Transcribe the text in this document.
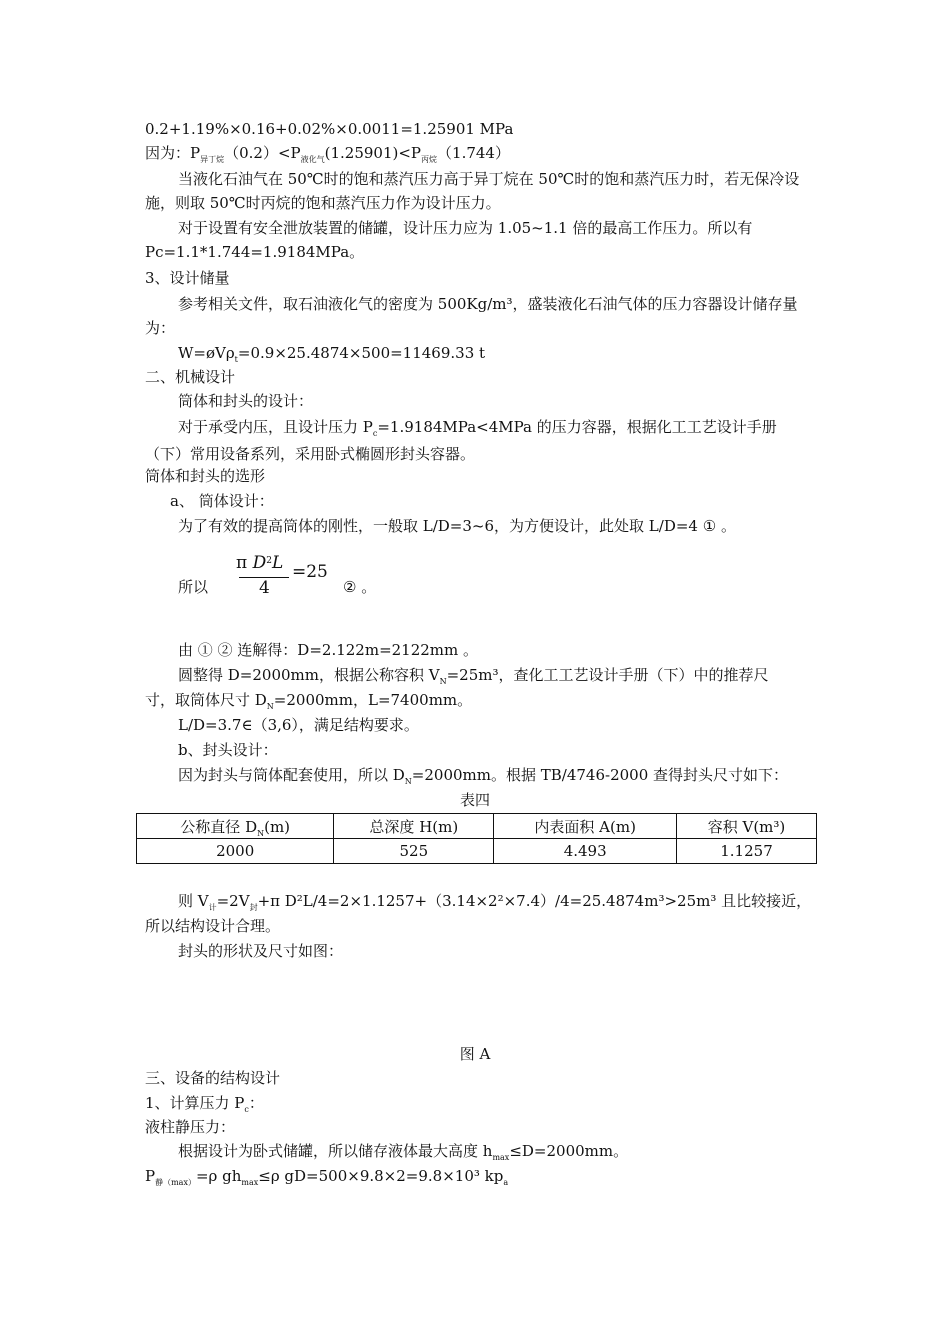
0.2+1.19%×0.16+0.02%×0.0011=1.25901 MPa
因为：$P_{异丁烷}(0.2)<P_{液化气}(1.25901)<P_{丙烷}(1.744)$
当液化石油气在 50℃时的饱和蒸汽压力高于异丁烷在 50℃时的饱和蒸汽压力时，若无保冷设施，则取 50℃时丙烷的饱和蒸汽压力作为设计压力。
对于设置有安全泄放装置的储罐，设计压力应为 1.05~1.1 倍的最高工作压力。所以有Pc=1.1*1.744=1.9184MPa。
3、设计储量
参考相关文件，取石油液化气的密度为 500Kg/m³，盛装液化石油气体的压力容器设计储存量为：
W=øVρ$_t$=0.9×25.4874×500=11469.33 t
二、机械设计
筒体和封头的设计：
对于承受内压，且设计压力 $P_c=1.9184MPa<4MPa$ 的压力容器，根据化工工艺设计手册（下）常用设备系列，采用卧式椭圆形封头容器。
筒体和封头的选形
a、 筒体设计：
为了有效的提高筒体的刚性，一般取 L/D=3~6，为方便设计，此处取 L/D=4 ① 。
所以
π $D^2L$
4
=25
② 。
由 ① ② 连解得：D=2.122m=2122mm 。
圆整得 D=2000mm，根据公称容积 $V_N=25m^3$，查化工工艺设计手册（下）中的推荐尺
寸，取筒体尺寸 $D_N=2000mm$，L=7400mm。
L/D=3.7∈（3,6），满足结构要求。
b、封头设计：
因为封头与筒体配套使用，所以 $D_N=2000mm$。根据 TB/4746-2000 查得封头尺寸如下：
表四
公称直径 $D_N(m)$	总深度 H(m)	内表面积 A(m)	容积 V(m³)
2000	525	4.493	1.1257
则 $V_计=2V_封+\pi$ D²L/4=2×1.1257+（3.14×2²×7.4）/4=25.4874m³>25m³ 且比较接近，
所以结构设计合理。
封头的形状及尺寸如图：
图 A
三、设备的结构设计
1、计算压力 $P_c$：
液柱静压力：
根据设计为卧式储罐，所以储存液体最大高度 $h_{max}\le D=2000mm$。
$P_{静(max)}=\rho$ $gh_{max}\le\rho$ gD=500×9.8×2=9.8×10³ $kp_a$
